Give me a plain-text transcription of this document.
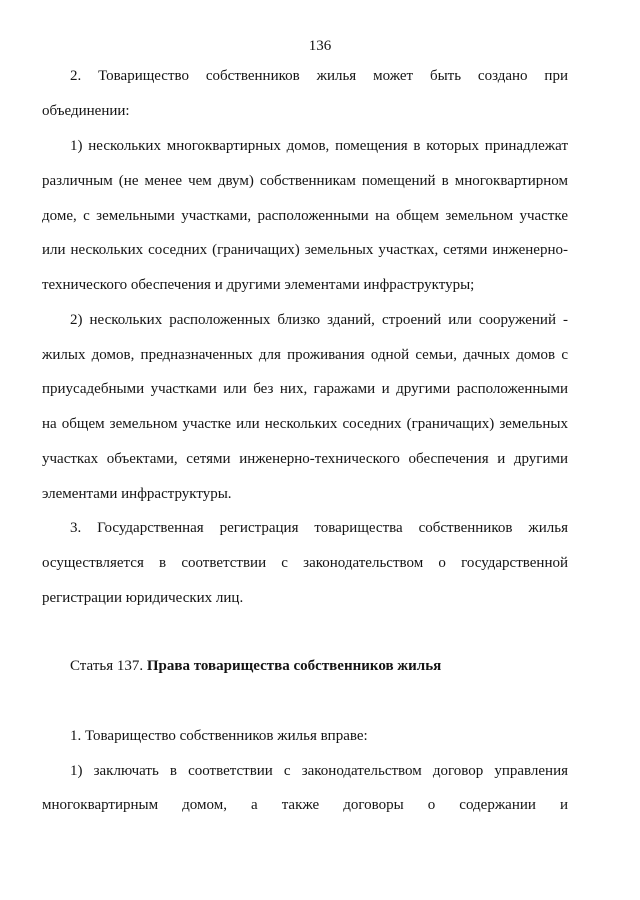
136
2. Товарищество собственников жилья может быть создано при
объединении:
1) нескольких многоквартирных домов, помещения в которых принадлежат
различным (не менее чем двум) собственникам помещений в многоквартирном
доме, с земельными участками, расположенными на общем земельном участке
или нескольких соседних (граничащих) земельных участках, сетями инженерно-
технического обеспечения и другими элементами инфраструктуры;
2) нескольких расположенных близко зданий, строений или сооружений -
жилых домов, предназначенных для проживания одной семьи, дачных домов с
приусадебными участками или без них, гаражами и другими расположенными
на общем земельном участке или нескольких соседних (граничащих) земельных
участках объектами, сетями инженерно-технического обеспечения и другими
элементами инфраструктуры.
3. Государственная регистрация товарищества собственников жилья
осуществляется в соответствии с законодательством о государственной
регистрации юридических лиц.
Статья 137. Права товарищества собственников жилья
1. Товарищество собственников жилья вправе:
1) заключать в соответствии с законодательством договор управления
многоквартирным домом, а также договоры о содержании и
